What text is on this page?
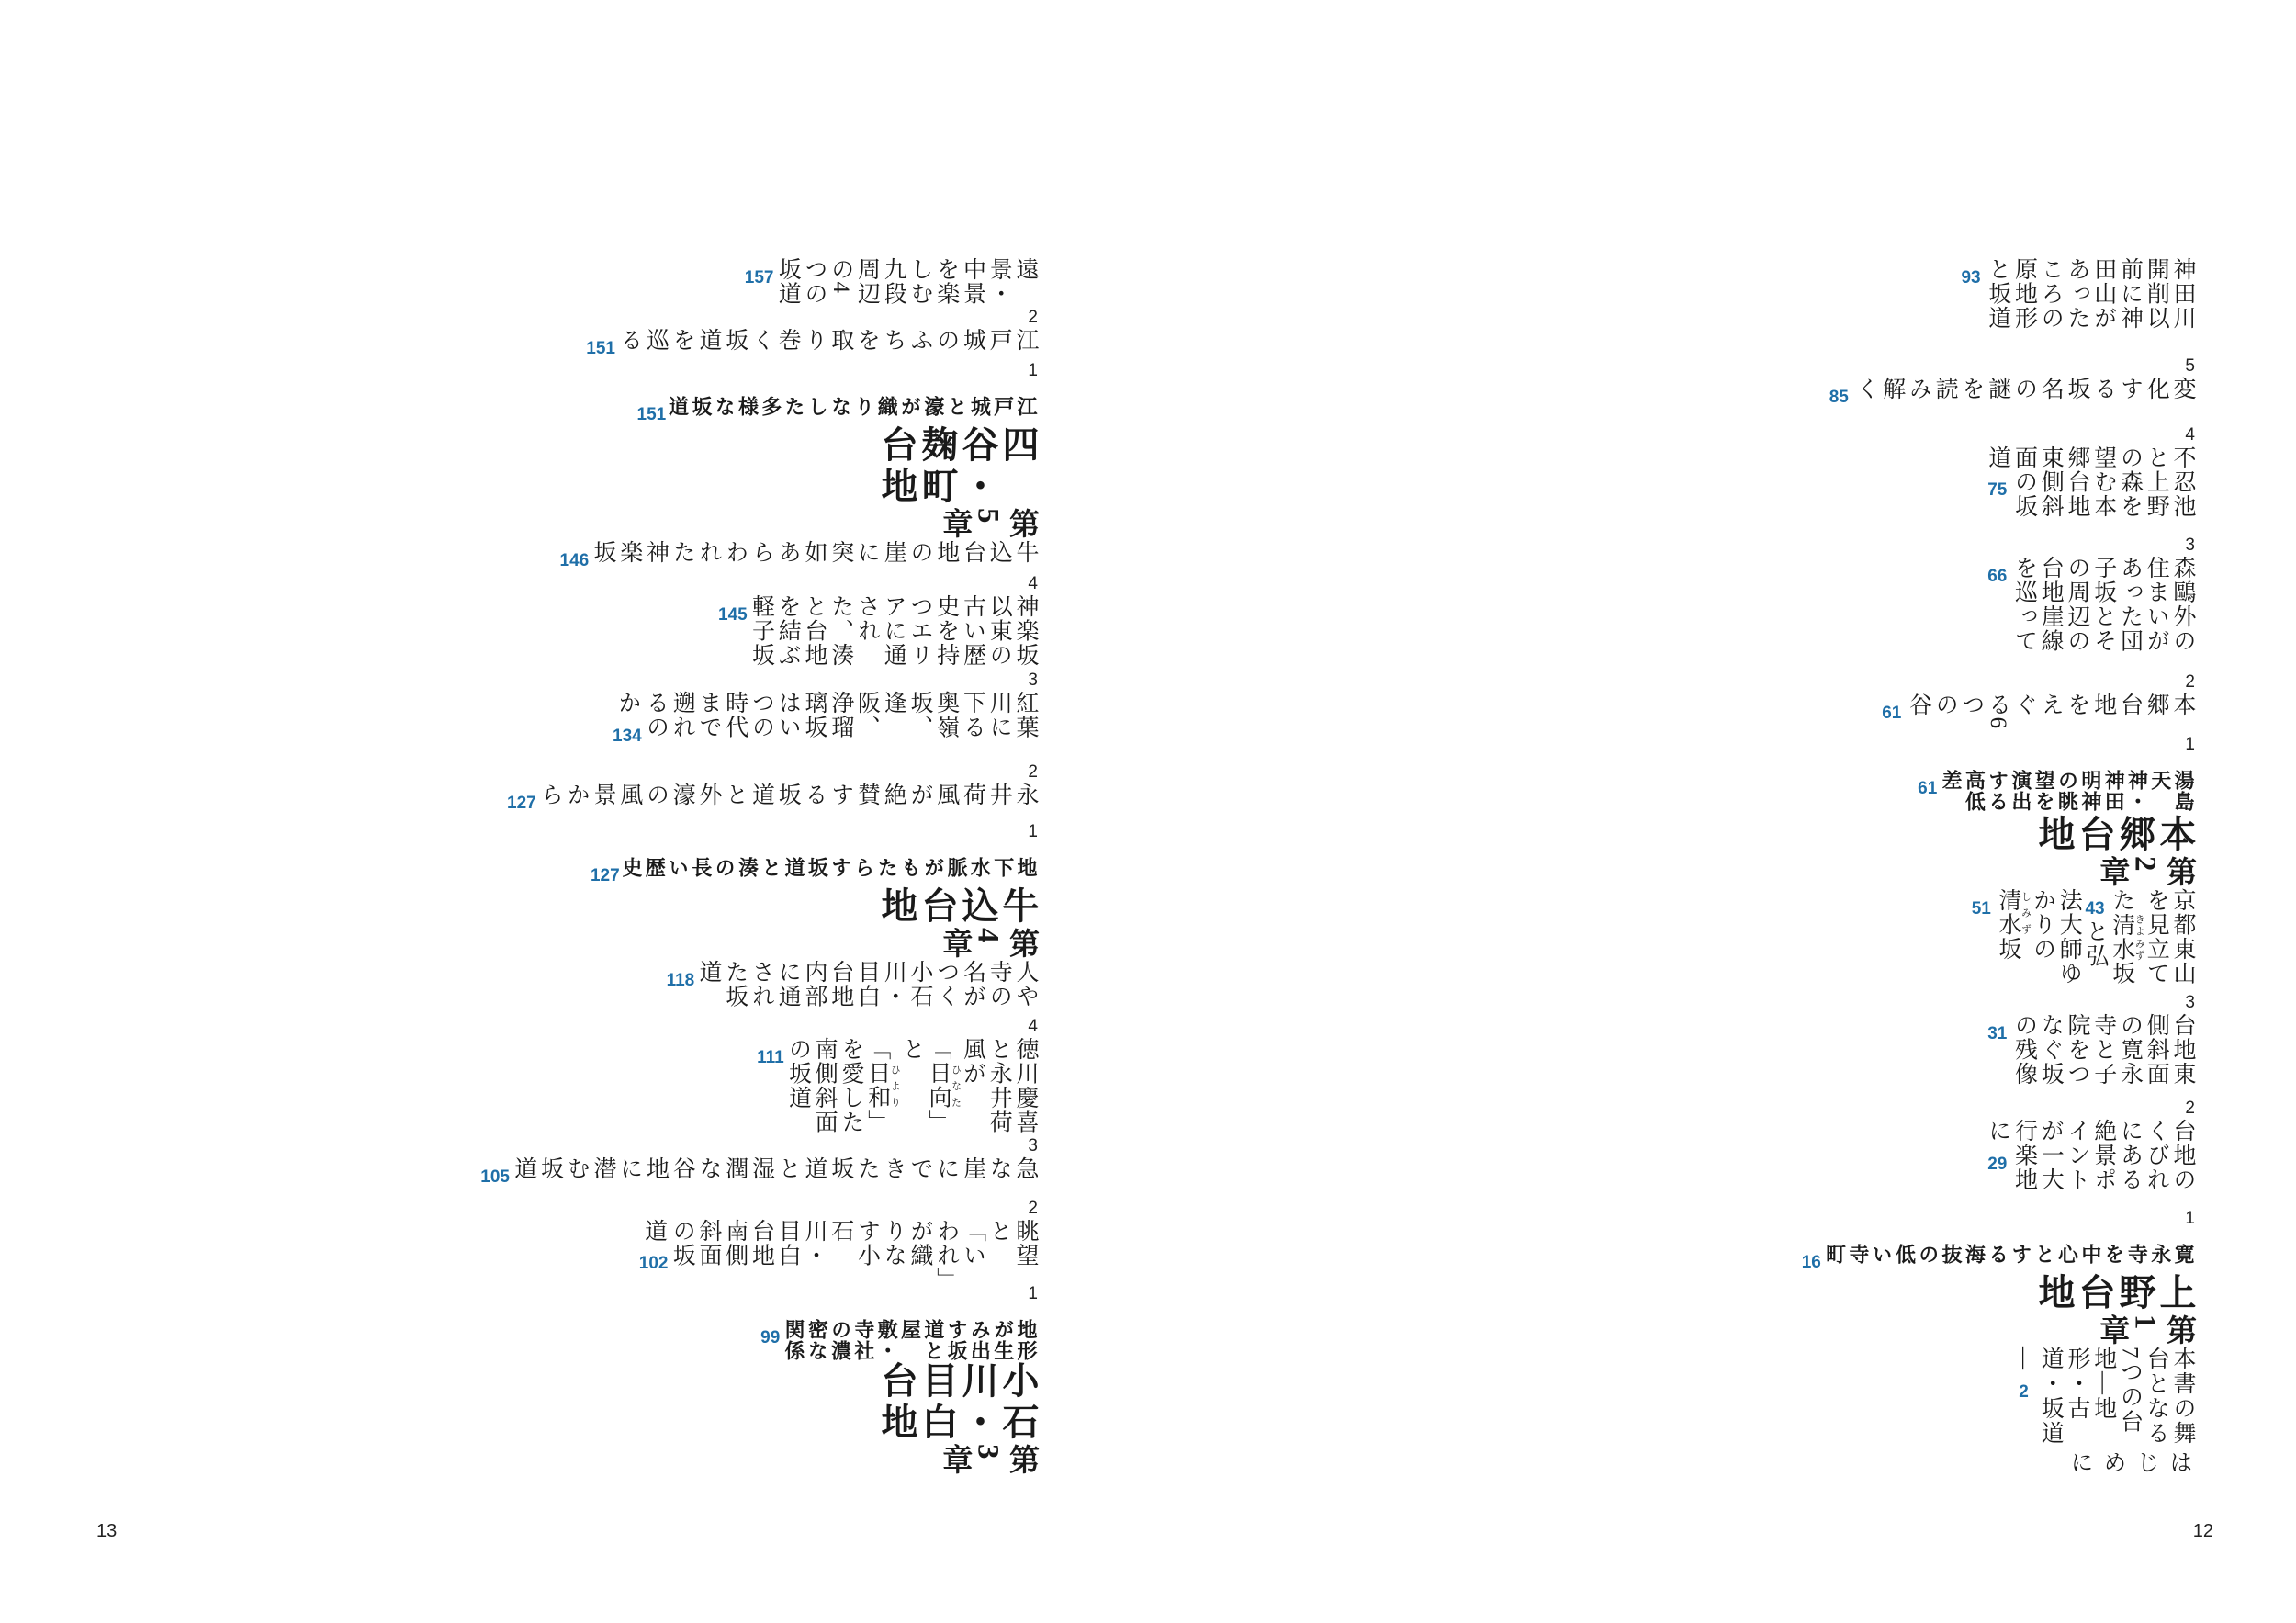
はじめに
本書の舞台となる7つの台地―地形・古道・坂道―2
第1章
上野台地
寛永寺を中心とする海抜の低い寺町16
1
台地のくびれにある絶景ポイントが一大行楽地に29
2
台地東側斜面の寛永寺と子院をつなぐ坂の残像31
3
京都東山を見立てた清水 きよみず坂43と弘法大師ゆかりの清水 しみず坂51
第2章
本郷台地
湯島天神・神田明神の眺望を演出する高低差61
1
本郷台地をえぐる6つの谷61
2
森鷗外の住まいがあった団子坂とその周辺の台地崖線を巡って66
3
不忍池と上野の森を望む本郷台地東側斜面の坂道75
4
変化する坂名の謎を読み解く85
5
神田川開削以前に神田山があったころの原地形と坂道93
12
第3章
小石川・目白台地
地形が生み出す坂道と屋敷・寺社の濃密な関係99
1
眺望と「いわれ」が織りなす小石川・目白台地南側斜面の坂道102
2
急な崖にできた坂道と湿潤な谷地に潜む坂道105
3
徳川慶喜と永井荷風が「日向 ひなた」と「日和 ひより」を愛した南側斜面の坂道111
4
人や寺の名がつく小石川・目白台地内部に通された坂道118
第4章
牛込台地
地下水脈がもたらす坂道と湊の長い歴史127
1
永井荷風が絶賛する坂道と外濠の風景から127
2
紅葉川に下る奥嶺坂、逢阪、浄瑠璃坂はいつの時代まで遡れるのか134
3
神楽坂以東の古い歴史を持つエリアに通された、湊と台地を結ぶ軽子坂145
4
牛込台地の崖に突如あらわれた神楽坂146
第5章
四谷・麹町台地
江戸城と濠が織りなした多様な坂道151
1
江戸城のふちを取り巻く坂道を巡る151
2
遠景・中景を楽しむ九段周辺の4つの坂道157
13
